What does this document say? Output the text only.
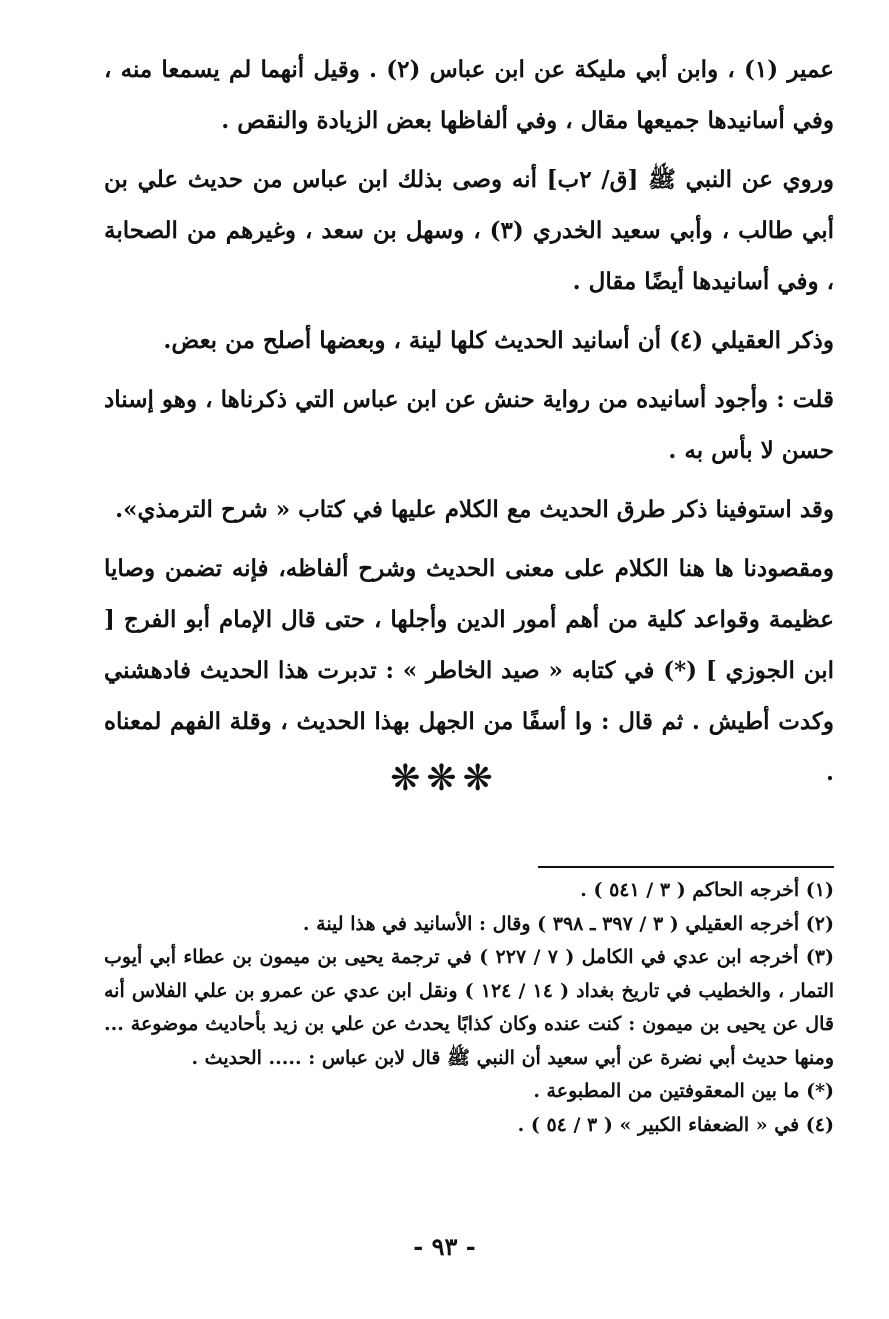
عمير (١) ، وابن أبي مليكة عن ابن عباس (٢) . وقيل أنهما لم يسمعا منه ، وفي أسانيدها جميعها مقال ، وفي ألفاظها بعض الزيادة والنقص .

وروي عن النبي ﷺ [ق/ ٢ب] أنه وصى بذلك ابن عباس من حديث علي بن أبي طالب ، وأبي سعيد الخدري (٣) ، وسهل بن سعد ، وغيرهم من الصحابة ، وفي أسانيدها أيضًا مقال .

وذكر العقيلي (٤) أن أسانيد الحديث كلها لينة ، وبعضها أصلح من بعض.

قلت : وأجود أسانيده من رواية حنش عن ابن عباس التي ذكرناها ، وهو إسناد حسن لا بأس به .

وقد استوفينا ذكر طرق الحديث مع الكلام عليها في كتاب « شرح الترمذي».

ومقصودنا ها هنا الكلام على معنى الحديث وشرح ألفاظه، فإنه تضمن وصايا عظيمة وقواعد كلية من أهم أمور الدين وأجلها ، حتى قال الإمام أبو الفرج [ ابن الجوزي ] (*) في كتابه « صيد الخاطر » : تدبرت هذا الحديث فادهشني وكدت أطيش . ثم قال : وا أسفًا من الجهل بهذا الحديث ، وقلة الفهم لمعناه .

❋❋❋

(١) أخرجه الحاكم ( ٣ / ٥٤١ ) .

(٢) أخرجه العقيلي ( ٣ / ٣٩٧ ـ ٣٩٨ ) وقال : الأسانيد في هذا لينة .

(٣) أخرجه ابن عدي في الكامل ( ٧ / ٢٢٧ ) في ترجمة يحيى بن ميمون بن عطاء أبي أيوب التمار ، والخطيب في تاريخ بغداد ( ١٤ / ١٢٤ ) ونقل ابن عدي عن عمرو بن علي الفلاس أنه قال عن يحيى بن ميمون : كنت عنده وكان كذابًا يحدث عن علي بن زيد بأحاديث موضوعة ... ومنها حديث أبي نضرة عن أبي سعيد أن النبي ﷺ قال لابن عباس : ..... الحديث .

(*) ما بين المعقوفتين من المطبوعة .

(٤) في « الضعفاء الكبير » ( ٣ / ٥٤ ) .

- ٩٣ -
